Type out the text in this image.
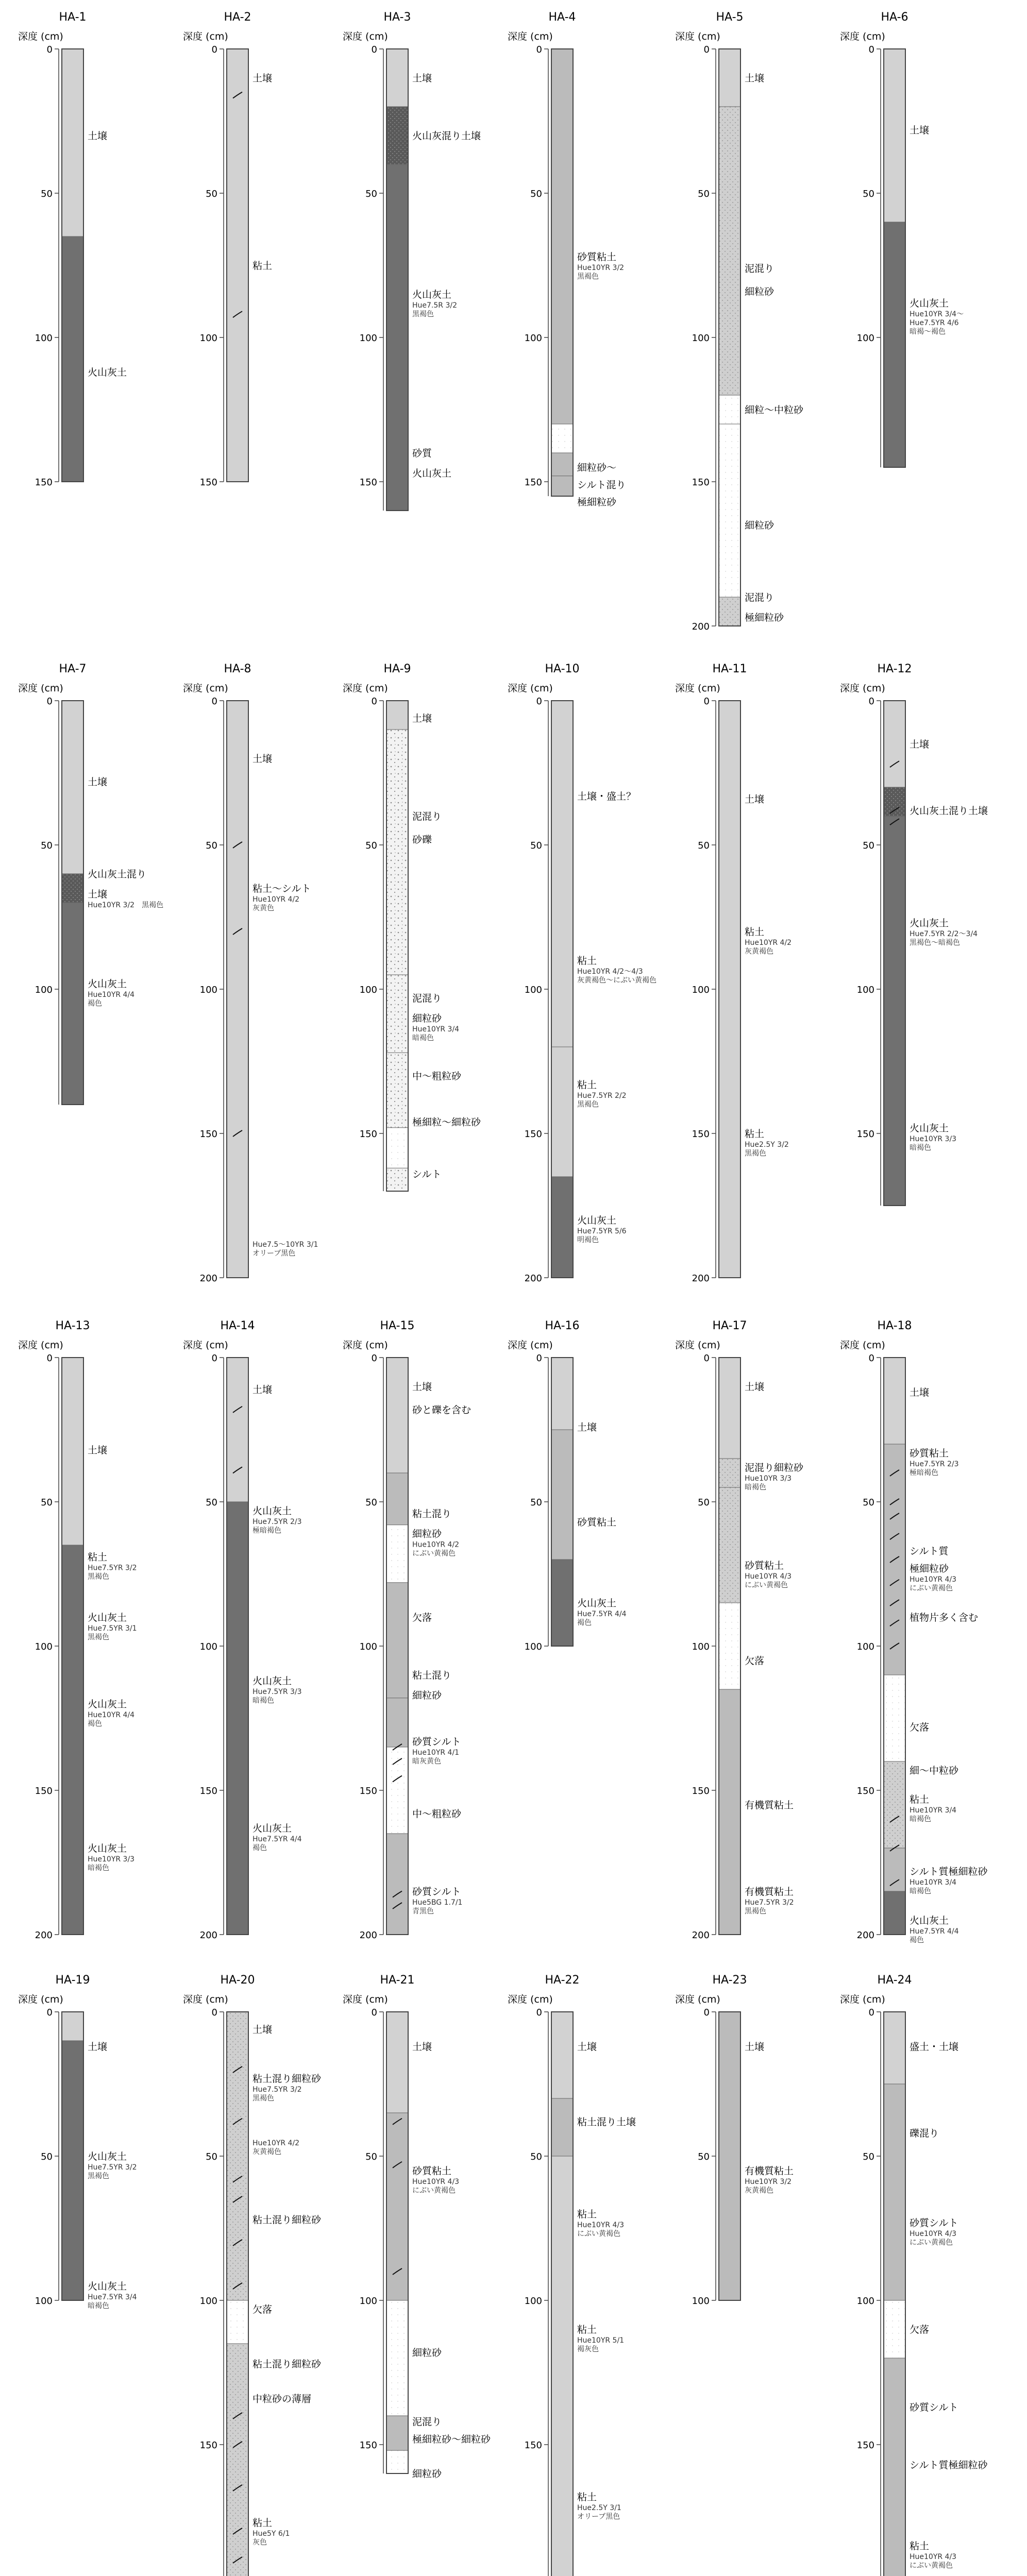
HA-1
深度 (cm)
0
50
100
150
土壌
火山灰土
HA-2
深度 (cm)
0
50
100
150
土壌
粘土
HA-3
深度 (cm)
0
50
100
150
土壌
火山灰混り土壌
火山灰土
Hue7.5R 3/2
黒褐色
砂質
火山灰土
HA-4
深度 (cm)
0
50
100
150
砂質粘土
Hue10YR 3/2
黒褐色
細粒砂～
シルト混り
極細粒砂
HA-5
深度 (cm)
0
50
100
150
200
土壌
泥混り
細粒砂
細粒～中粒砂
細粒砂
泥混り
極細粒砂
HA-6
深度 (cm)
0
50
100
土壌
火山灰土
Hue10YR 3/4～
Hue7.5YR 4/6
暗褐～褐色
HA-7
深度 (cm)
0
50
100
土壌
火山灰土混り
土壌
Hue10YR 3/2　黒褐色
火山灰土
Hue10YR 4/4
褐色
HA-8
深度 (cm)
0
50
100
150
200
土壌
粘土～シルト
Hue10YR 4/2
灰黄色
Hue7.5～10YR 3/1
オリーブ黒色
HA-9
深度 (cm)
0
50
100
150
土壌
泥混り
砂礫
泥混り
細粒砂
Hue10YR 3/4
暗褐色
中～粗粒砂
極細粒～細粒砂
シルト
HA-10
深度 (cm)
0
50
100
150
200
土壌・盛土？
粘土
Hue10YR 4/2～4/3
灰黄褐色～にぶい黄褐色
粘土
Hue7.5YR 2/2
黒褐色
火山灰土
Hue7.5YR 5/6
明褐色
HA-11
深度 (cm)
0
50
100
150
200
土壌
粘土
Hue10YR 4/2
灰黄褐色
粘土
Hue2.5Y 3/2
黒褐色
HA-12
深度 (cm)
0
50
100
150
土壌
火山灰土混り土壌
火山灰土
Hue7.5YR 2/2～3/4
黒褐色～暗褐色
火山灰土
Hue10YR 3/3
暗褐色
HA-13
深度 (cm)
0
50
100
150
200
土壌
粘土
Hue7.5YR 3/2
黒褐色
火山灰土
Hue7.5YR 3/1
黒褐色
火山灰土
Hue10YR 4/4
褐色
火山灰土
Hue10YR 3/3
暗褐色
HA-14
深度 (cm)
0
50
100
150
200
土壌
火山灰土
Hue7.5YR 2/3
極暗褐色
火山灰土
Hue7.5YR 3/3
暗褐色
火山灰土
Hue7.5YR 4/4
褐色
HA-15
深度 (cm)
0
50
100
150
200
土壌
砂と礫を含む
粘土混り
細粒砂
Hue10YR 4/2
にぶい黄褐色
欠落
粘土混り
細粒砂
砂質シルト
Hue10YR 4/1
暗灰黄色
中～粗粒砂
砂質シルト
Hue5BG 1.7/1
青黒色
HA-16
深度 (cm)
0
50
100
土壌
砂質粘土
火山灰土
Hue7.5YR 4/4
褐色
HA-17
深度 (cm)
0
50
100
150
200
土壌
泥混り細粒砂
Hue10YR 3/3
暗褐色
砂質粘土
Hue10YR 4/3
にぶい黄褐色
欠落
有機質粘土
有機質粘土
Hue7.5YR 3/2
黒褐色
HA-18
深度 (cm)
0
50
100
150
200
土壌
砂質粘土
Hue7.5YR 2/3
極暗褐色
シルト質
極細粒砂
Hue10YR 4/3
にぶい黄褐色
植物片多く含む
欠落
細～中粒砂
粘土
Hue10YR 3/4
暗褐色
シルト質極細粒砂
Hue10YR 3/4
暗褐色
火山灰土
Hue7.5YR 4/4
褐色
HA-19
深度 (cm)
0
50
100
土壌
火山灰土
Hue7.5YR 3/2
黒褐色
火山灰土
Hue7.5YR 3/4
暗褐色
HA-20
深度 (cm)
0
50
100
150
土壌
粘土混り細粒砂
Hue7.5YR 3/2
黒褐色
Hue10YR 4/2
灰黄褐色
粘土混り細粒砂
欠落
粘土混り細粒砂
中粒砂の薄層
粘土
Hue5Y 6/1
灰色
HA-21
深度 (cm)
0
50
100
150
土壌
砂質粘土
Hue10YR 4/3
にぶい黄褐色
細粒砂
泥混り
極細粒砂～細粒砂
細粒砂
HA-22
深度 (cm)
0
50
100
150
土壌
粘土混り土壌
粘土
Hue10YR 4/3
にぶい黄褐色
粘土
Hue10YR 5/1
褐灰色
粘土
Hue2.5Y 3/1
オリーブ黒色
HA-23
深度 (cm)
0
50
100
土壌
有機質粘土
Hue10YR 3/2
灰黄褐色
HA-24
深度 (cm)
0
50
100
150
盛土・土壌
礫混り
砂質シルト
Hue10YR 4/3
にぶい黄褐色
欠落
砂質シルト
シルト質極細粒砂
粘土
Hue10YR 4/3
にぶい黄褐色
